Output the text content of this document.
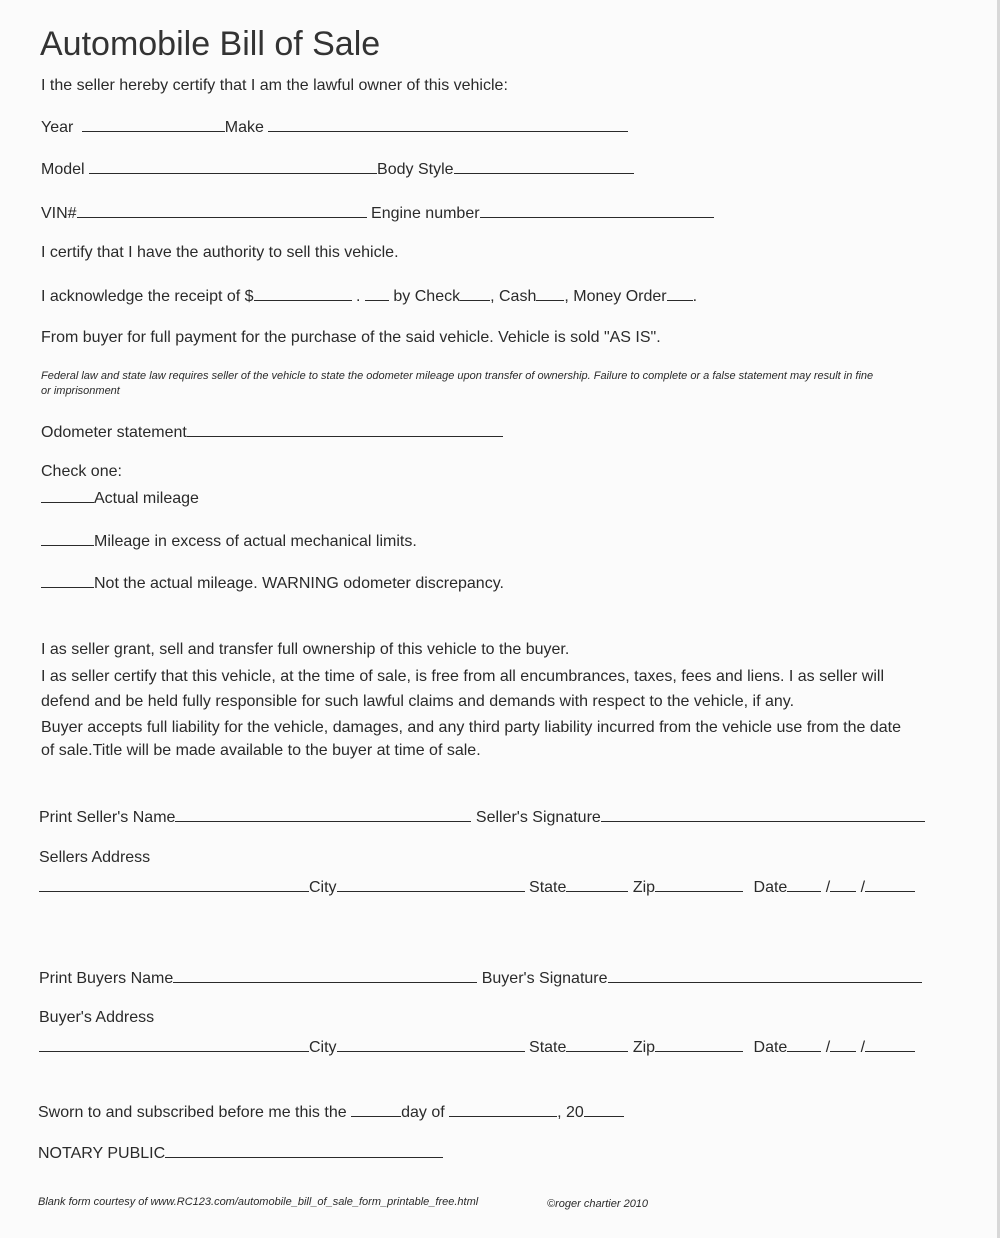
Automobile Bill of Sale
I the seller hereby certify that I am the lawful owner of this vehicle:
Year	Make
Model	Body Style
VIN#	Engine number
I certify that I have the authority to sell this vehicle.
I acknowledge the receipt of $	. by Check , Cash , Money Order .
From buyer for full payment for the purchase of the said vehicle. Vehicle is sold "AS IS".
Federal law and state law requires seller of the vehicle to state the odometer mileage upon transfer of ownership. Failure to complete or a false statement may result in fine
or imprisonment
Odometer statement
Check one:
Actual mileage
Mileage in excess of actual mechanical limits.
Not the actual mileage. WARNING odometer discrepancy.
I as seller grant, sell and transfer full ownership of this vehicle to the buyer.
I as seller certify that this vehicle, at the time of sale, is free from all encumbrances, taxes, fees and liens. I as seller will
defend and be held fully responsible for such lawful claims and demands with respect to the vehicle, if any.
Buyer accepts full liability for the vehicle, damages, and any third party liability incurred from the vehicle use from the date
of sale.Title will be made available to the buyer at time of sale.
Print Seller's Name	Seller's Signature
Sellers Address
City	State	Zip	Date / /
Print Buyers Name	Buyer's Signature
Buyer's Address
City	State	Zip	Date / /
Sworn to and subscribed before me this the	day of	, 20
NOTARY PUBLIC
Blank form courtesy of www.RC123.com/automobile_bill_of_sale_form_printable_free.html	©roger chartier 2010
